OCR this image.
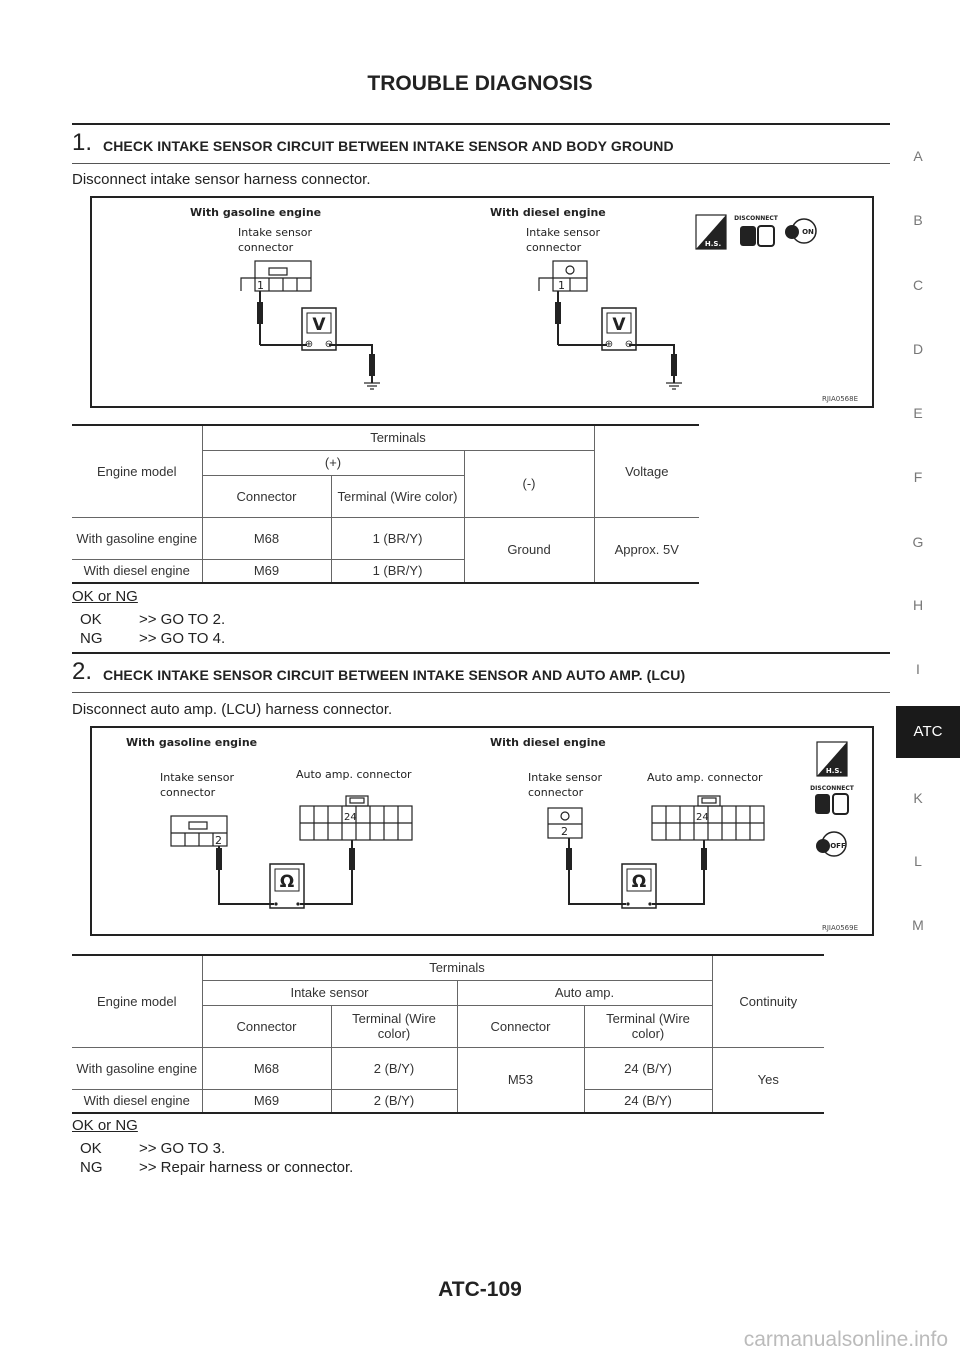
TROUBLE DIAGNOSIS
A
B
C
D
E
F
G
H
I
ATC
K
L
M
1. CHECK INTAKE SENSOR CIRCUIT BETWEEN INTAKE SENSOR AND BODY GROUND
Disconnect intake sensor harness connector.
With gasoline engine	With diesel engine
Intake sensor
connector
Intake sensor
connector
1	1
V	V
⊕ ⊖	⊕ ⊖
H.S.
DISCONNECT
ON
RJIA0568E
Engine model	Terminals			Voltage
	(+)		(-)	
	Connector	Terminal (Wire color)		
With gasoline engine	M68	1 (BR/Y)	Ground	Approx. 5V
With diesel engine	M69	1 (BR/Y)		
OK or NG
OK >> GO TO 2.
NG >> GO TO 4.
2. CHECK INTAKE SENSOR CIRCUIT BETWEEN INTAKE SENSOR AND AUTO AMP. (LCU)
Disconnect auto amp. (LCU) harness connector.
With gasoline engine	With diesel engine
Intake sensor
connector
Auto amp. connector	Intake sensor
connector
Auto amp. connector
2
24
2
24
Ω	Ω
H.S.
DISCONNECT
OFF
RJIA0569E
Engine model	Terminals				Continuity
	Intake sensor		Auto amp.		
	Connector	Terminal (Wire color)	Connector	Terminal (Wire color)	
With gasoline engine	M68	2 (B/Y)	M53	24 (B/Y)	Yes
With diesel engine	M69	2 (B/Y)		24 (B/Y)	
OK or NG
OK >> GO TO 3.
NG >> Repair harness or connector.
ATC-109
carmanualsonline.info
